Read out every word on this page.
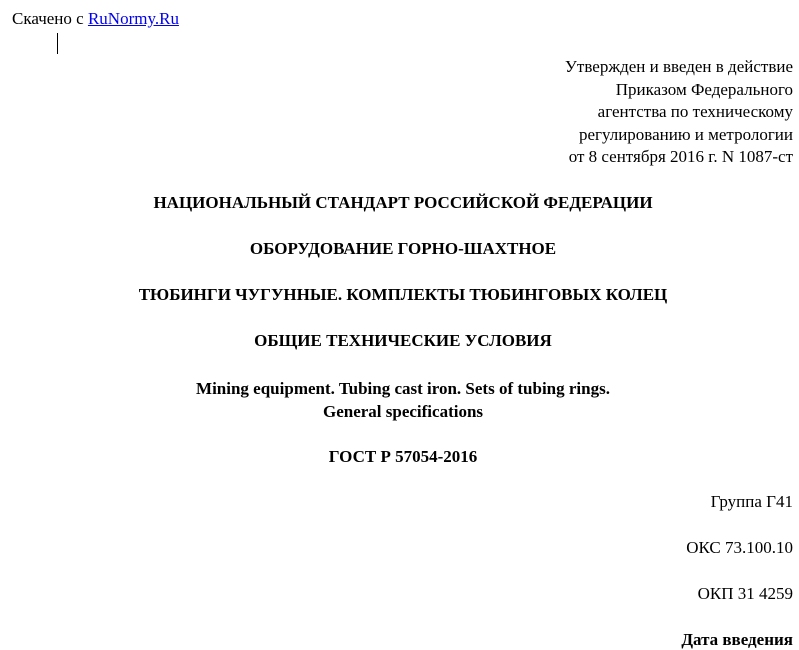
Скачено с RuNormy.Ru
Утвержден и введен в действие
Приказом Федерального
агентства по техническому
регулированию и метрологии
от 8 сентября 2016 г. N 1087-ст
НАЦИОНАЛЬНЫЙ СТАНДАРТ РОССИЙСКОЙ ФЕДЕРАЦИИ
ОБОРУДОВАНИЕ ГОРНО-ШАХТНОЕ
ТЮБИНГИ ЧУГУННЫЕ. КОМПЛЕКТЫ ТЮБИНГОВЫХ КОЛЕЦ
ОБЩИЕ ТЕХНИЧЕСКИЕ УСЛОВИЯ
Mining equipment. Tubing cast iron. Sets of tubing rings.
General specifications
ГОСТ Р 57054-2016
Группа Г41
ОКС 73.100.10
ОКП 31 4259
Дата введения
